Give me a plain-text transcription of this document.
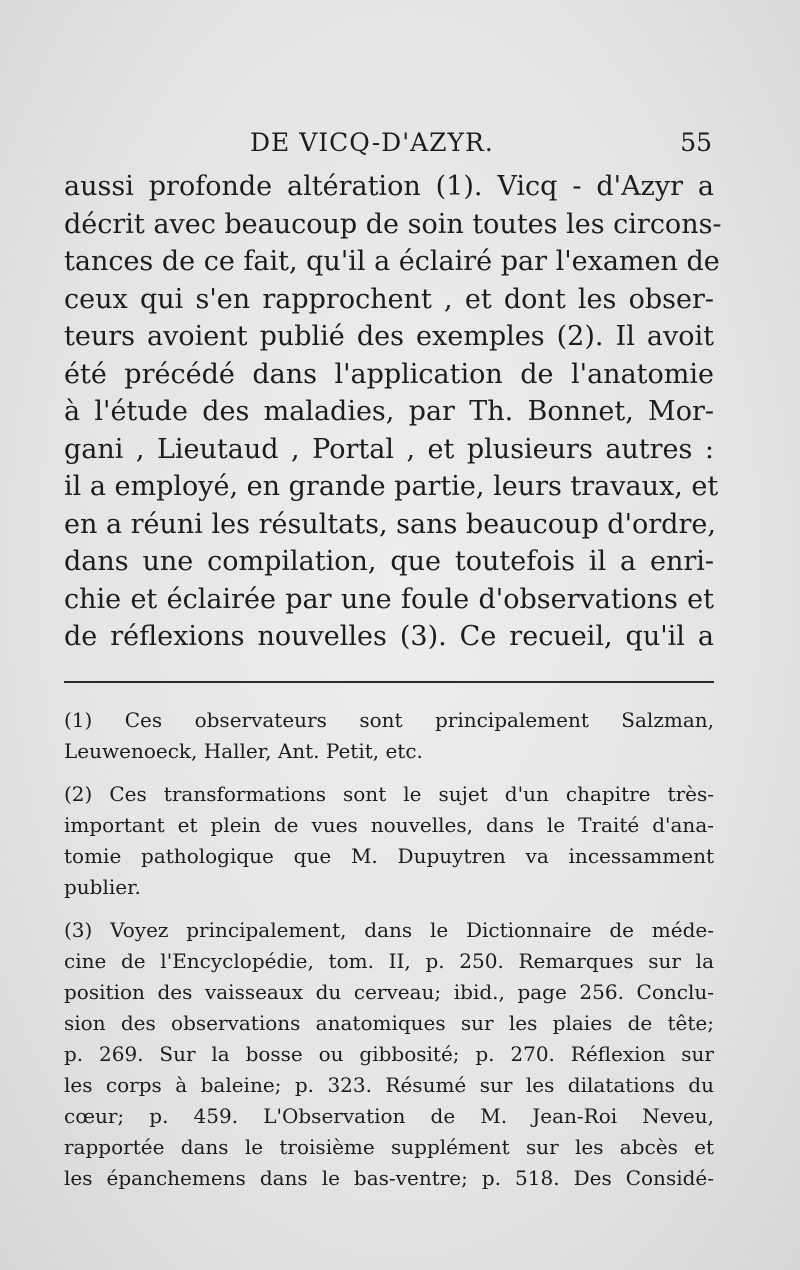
DE VICQ-D'AZYR.	55
aussi profonde altération (1). Vicq - d'Azyr a
décrit avec beaucoup de soin toutes les circons-
tances de ce fait, qu'il a éclairé par l'examen de
ceux qui s'en rapprochent , et dont les obser-
teurs avoient publié des exemples (2). Il avoit
été précédé dans l'application de l'anatomie
à l'étude des maladies, par Th. Bonnet, Mor-
gani , Lieutaud , Portal , et plusieurs autres :
il a employé, en grande partie, leurs travaux, et
en a réuni les résultats, sans beaucoup d'ordre,
dans une compilation, que toutefois il a enri-
chie et éclairée par une foule d'observations et
de réflexions nouvelles (3). Ce recueil, qu'il a
(1) Ces observateurs sont principalement Salzman,
Leuwenoeck, Haller, Ant. Petit, etc.
(2) Ces transformations sont le sujet d'un chapitre très-
important et plein de vues nouvelles, dans le Traité d'ana-
tomie pathologique que M. Dupuytren va incessamment
publier.
(3) Voyez principalement, dans le Dictionnaire de méde-
cine de l'Encyclopédie, tom. II, p. 250. Remarques sur la
position des vaisseaux du cerveau; ibid., page 256. Conclu-
sion des observations anatomiques sur les plaies de tête;
p. 269. Sur la bosse ou gibbosité; p. 270. Réflexion sur
les corps à baleine; p. 323. Résumé sur les dilatations du
cœur; p. 459. L'Observation de M. Jean-Roi Neveu,
rapportée dans le troisième supplément sur les abcès et
les épanchemens dans le bas-ventre; p. 518. Des Considé-
